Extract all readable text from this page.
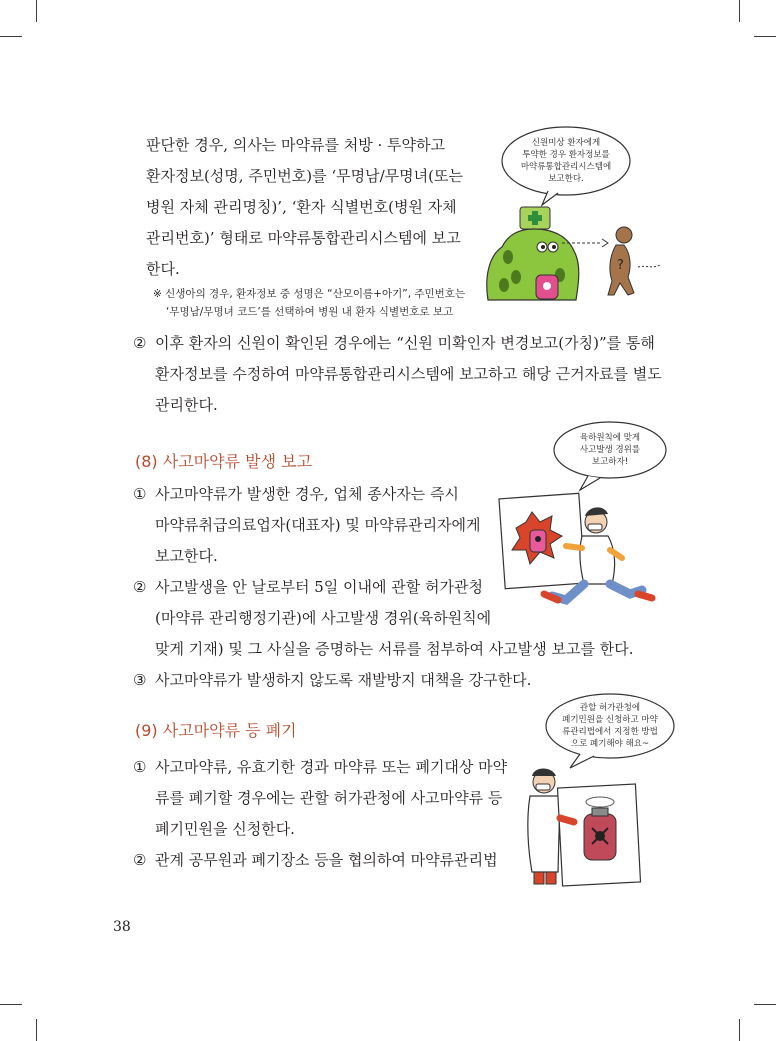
판단한 경우, 의사는 마약류를 처방 · 투약하고
환자정보(성명, 주민번호)를 ‘무명남/무명녀(또는
병원 자체 관리명칭)’, ‘환자 식별번호(병원 자체
관리번호)’ 형태로 마약류통합관리시스템에 보고
한다.
※ 신생아의 경우, 환자정보 중 성명은 “산모이름+아기”, 주민번호는
‘무명남/무명녀 코드’를 선택하여 병원 내 환자 식별번호로 보고
② 이후 환자의 신원이 확인된 경우에는 “신원 미확인자 변경보고(가칭)”를 통해
환자정보를 수정하여 마약류통합관리시스템에 보고하고 해당 근거자료를 별도
관리한다.
신원미상 환자에게
투약한 경우 환자정보를
마약류통합관리시스템에
보고한다.
?
(8) 사고마약류 발생 보고
① 사고마약류가 발생한 경우, 업체 종사자는 즉시
마약류취급의료업자(대표자) 및 마약류관리자에게
보고한다.
② 사고발생을 안 날로부터 5일 이내에 관할 허가관청
(마약류 관리행정기관)에 사고발생 경위(육하원칙에
맞게 기재) 및 그 사실을 증명하는 서류를 첨부하여 사고발생 보고를 한다.
③ 사고마약류가 발생하지 않도록 재발방지 대책을 강구한다.
육하원칙에 맞게
사고발생 경위를
보고하자!
(9) 사고마약류 등 폐기
① 사고마약류, 유효기한 경과 마약류 또는 폐기대상 마약
류를 폐기할 경우에는 관할 허가관청에 사고마약류 등
폐기민원을 신청한다.
② 관계 공무원과 폐기장소 등을 협의하여 마약류관리법
관할 허가관청에
폐기민원을 신청하고 마약
류관리법에서 지정한 방법
으로 폐기해야 해요~
38
